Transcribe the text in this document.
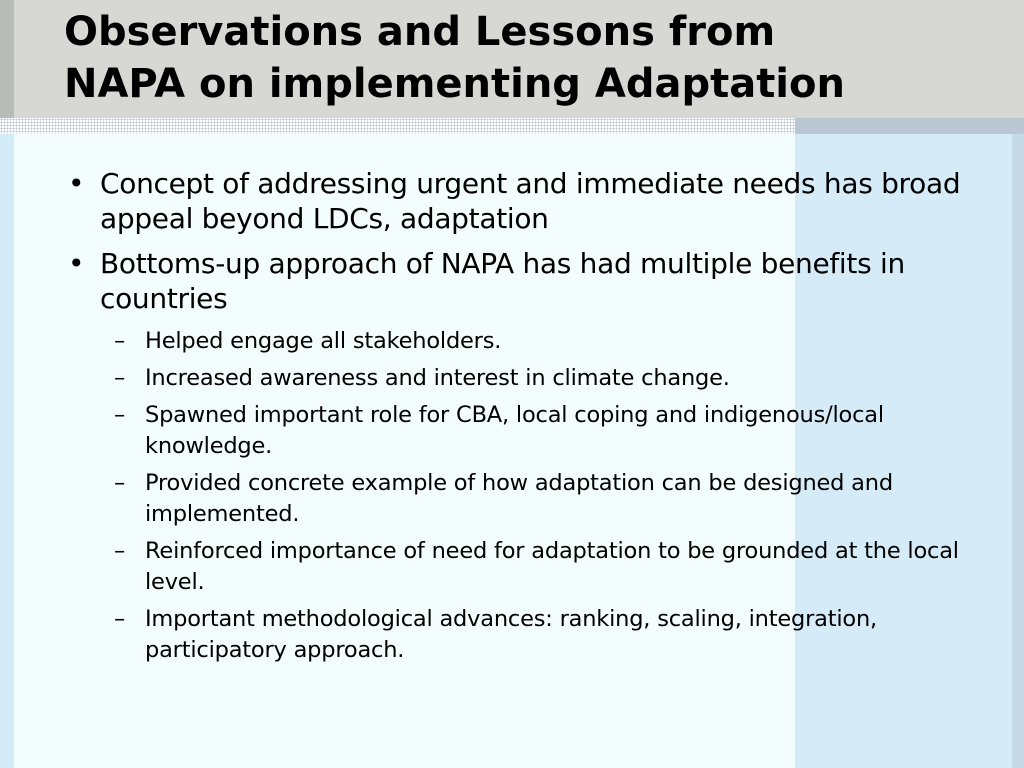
Observations and Lessons from
NAPA on implementing Adaptation
• Concept of addressing urgent and immediate needs has broad appeal beyond LDCs, adaptation
• Bottoms-up approach of NAPA has had multiple benefits in countries
– Helped engage all stakeholders.
– Increased awareness and interest in climate change.
– Spawned important role for CBA, local coping and indigenous/local knowledge.
– Provided concrete example of how adaptation can be designed and implemented.
– Reinforced importance of need for adaptation to be grounded at the local level.
– Important methodological advances: ranking, scaling, integration, participatory approach.
